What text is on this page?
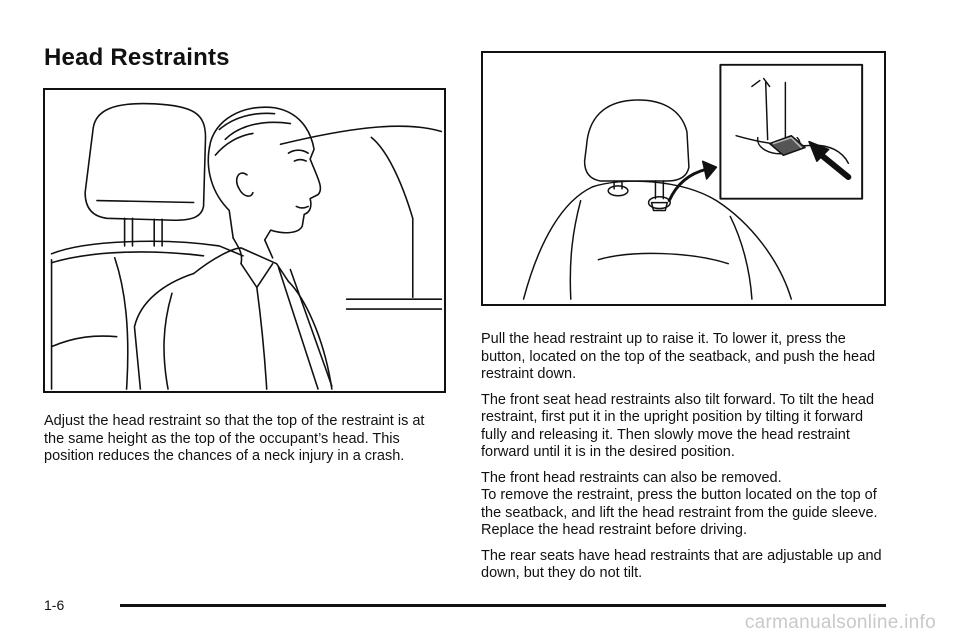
Head Restraints

Adjust the head restraint so that the top of the restraint is at the same height as the top of the occupant’s head. This position reduces the chances of a neck injury in a crash.

Pull the head restraint up to raise it. To lower it, press the button, located on the top of the seatback, and push the head restraint down.

The front seat head restraints also tilt forward. To tilt the head restraint, first put it in the upright position by tilting it forward fully and releasing it. Then slowly move the head restraint forward until it is in the desired position.

The front head restraints can also be removed.
To remove the restraint, press the button located on the top of the seatback, and lift the head restraint from the guide sleeve. Replace the head restraint before driving.

The rear seats have head restraints that are adjustable up and down, but they do not tilt.

1-6
carmanualsonline.info
